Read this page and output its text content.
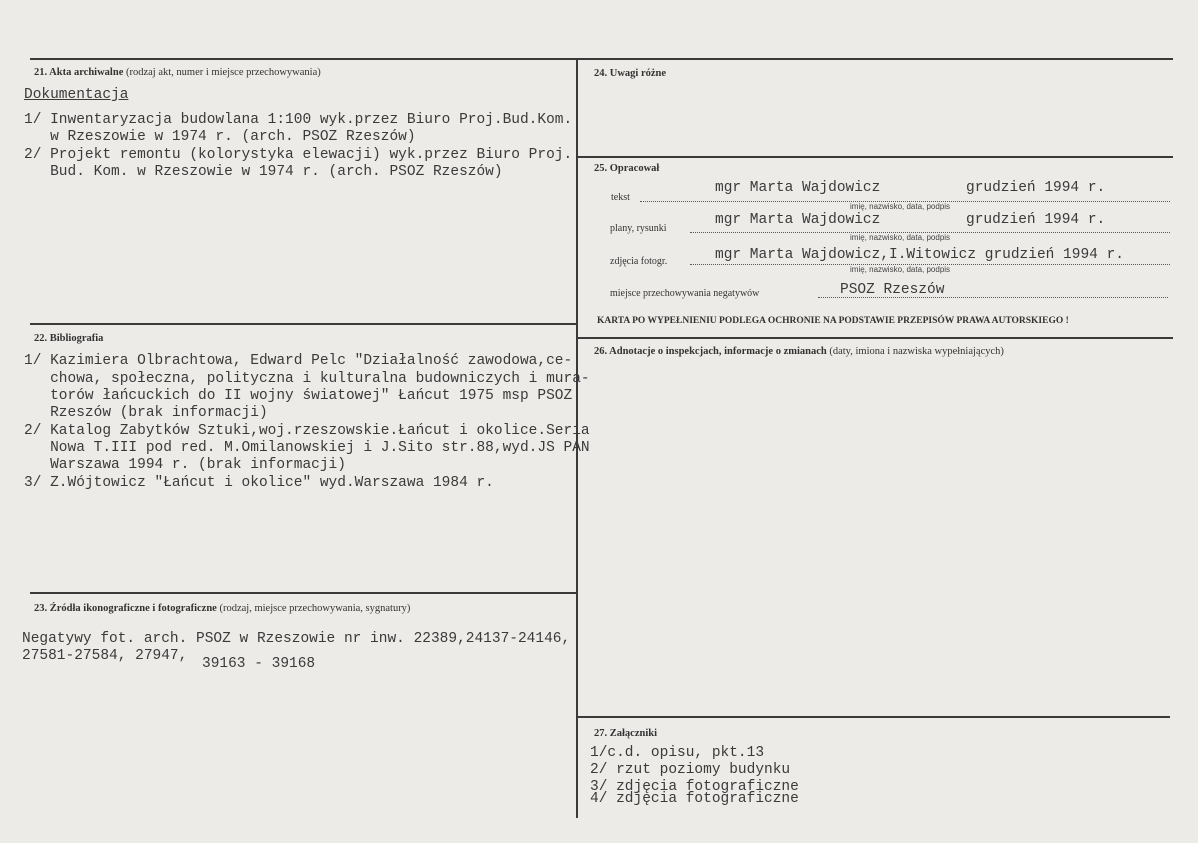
21. Akta archiwalne (rodzaj akt, numer i miejsce przechowywania)
Dokumentacja
1/ Inwentaryzacja budowlana 1:100 wyk.przez Biuro Proj.Bud.Kom.
w Rzeszowie w 1974 r. (arch. PSOZ Rzeszów)
2/ Projekt remontu (kolorystyka elewacji) wyk.przez Biuro Proj.
Bud. Kom. w Rzeszowie w 1974 r. (arch. PSOZ Rzeszów)
22. Bibliografia
1/ Kazimiera Olbrachtowa, Edward Pelc "Działalność zawodowa,ce-
chowa, społeczna, polityczna i kulturalna budowniczych i mura-
torów łańcuckich do II wojny światowej" Łańcut 1975 msp PSOZ
Rzeszów (brak informacji)
2/ Katalog Zabytków Sztuki,woj.rzeszowskie.Łańcut i okolice.Seria
Nowa T.III pod red. M.Omilanowskiej i J.Sito str.88,wyd.JS PAN
Warszawa 1994 r. (brak informacji)
3/ Z.Wójtowicz "Łańcut i okolice" wyd.Warszawa 1984 r.
23. Źródła ikonograficzne i fotograficzne (rodzaj, miejsce przechowywania, sygnatury)
Negatywy fot. arch. PSOZ w Rzeszowie nr inw. 22389,24137-24146,
27581-27584, 27947, 39163 - 39168
24. Uwagi różne
25. Opracował
tekst
mgr Marta Wajdowicz	grudzień 1994 r.
imię, nazwisko, data, podpis
plany, rysunki
mgr Marta Wajdowicz	grudzień 1994 r.
imię, nazwisko, data, podpis
zdjęcia fotogr.	mgr Marta Wajdowicz,I.Witowicz grudzień 1994 r.
imię, nazwisko, data, podpis
miejsce przechowywania negatywów	PSOZ Rzeszów
KARTA PO WYPEŁNIENIU PODLEGA OCHRONIE NA PODSTAWIE PRZEPISÓW PRAWA AUTORSKIEGO !
26. Adnotacje o inspekcjach, informacje o zmianach (daty, imiona i nazwiska wypełniających)
27. Załączniki
1/c.d. opisu, pkt.13
2/ rzut poziomy budynku
3/ zdjęcia fotograficzne
4/ zdjęcia fotograficzne
